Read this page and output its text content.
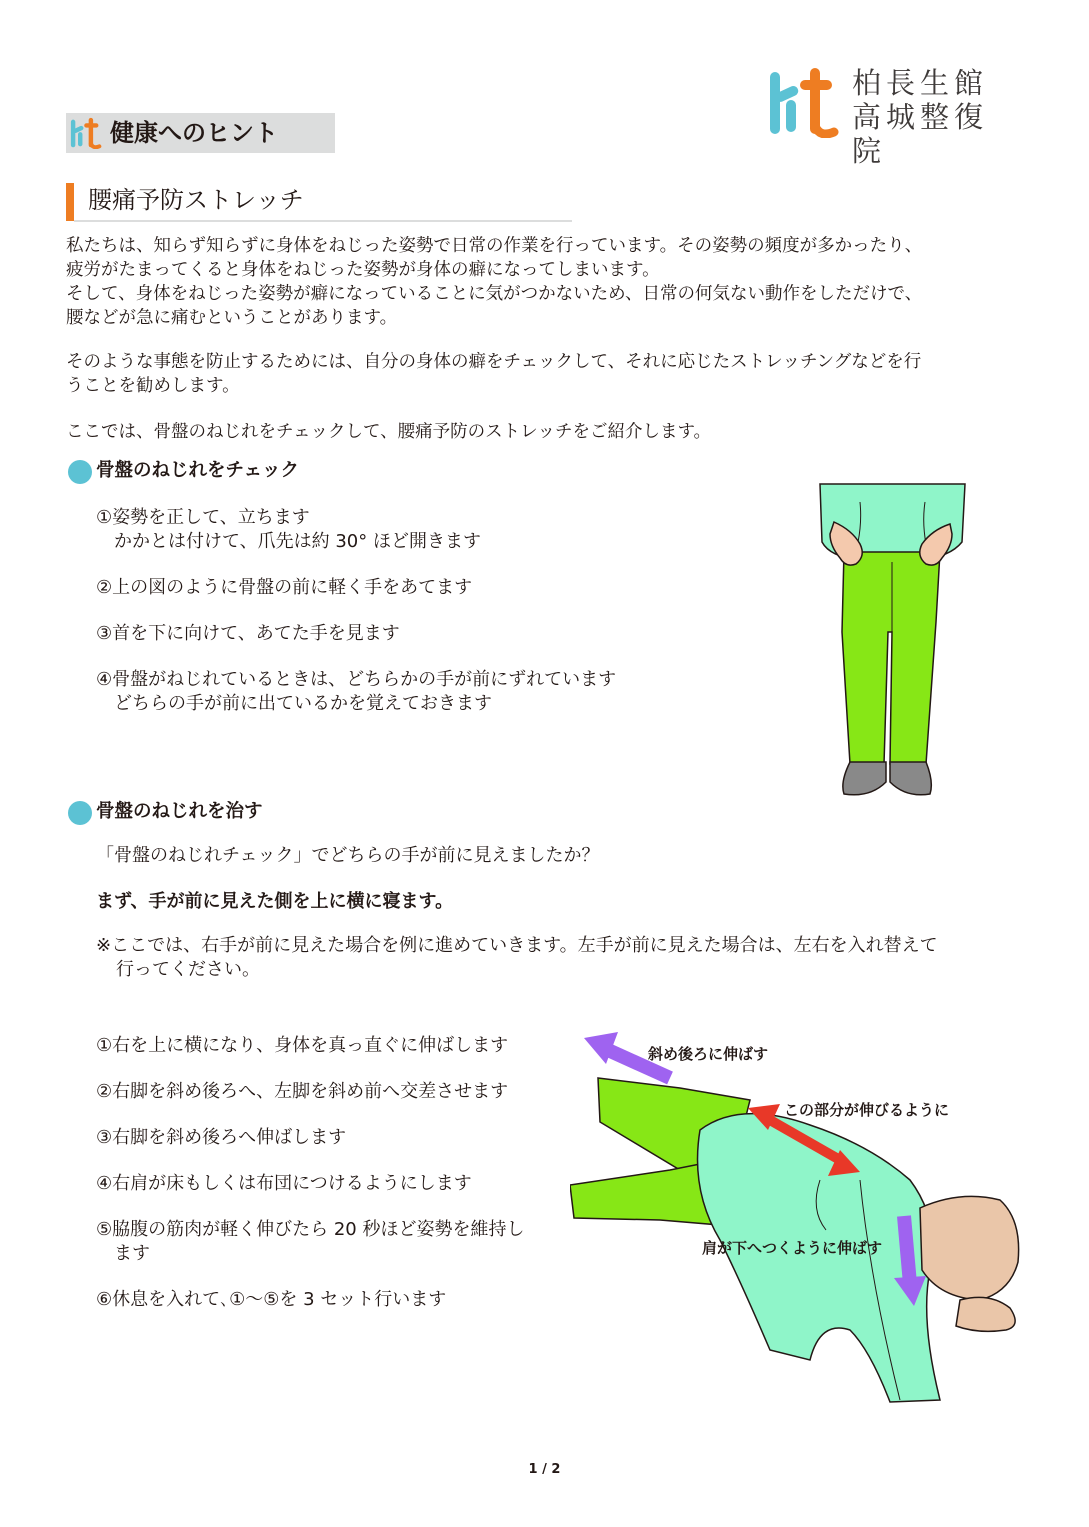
柏長生館
高城整復院
健康へのヒント
腰痛予防ストレッチ
私たちは、知らず知らずに身体をねじった姿勢で日常の作業を行っています。その姿勢の頻度が多かったり、
疲労がたまってくると身体をねじった姿勢が身体の癖になってしまいます。
そして、身体をねじった姿勢が癖になっていることに気がつかないため、日常の何気ない動作をしただけで、
腰などが急に痛むということがあります。
そのような事態を防止するためには、自分の身体の癖をチェックして、それに応じたストレッチングなどを行
うことを勧めします。
ここでは、骨盤のねじれをチェックして、腰痛予防のストレッチをご紹介します。
骨盤のねじれをチェック
①姿勢を正して、立ちます
　かかとは付けて、爪先は約 30° ほど開きます
②上の図のように骨盤の前に軽く手をあてます
③首を下に向けて、あてた手を見ます
④骨盤がねじれているときは、どちらかの手が前にずれています
　どちらの手が前に出ているかを覚えておきます
骨盤のねじれを治す
「骨盤のねじれチェック」でどちらの手が前に見えましたか？
まず、手が前に見えた側を上に横に寝ます。
※ここでは、右手が前に見えた場合を例に進めていきます。左手が前に見えた場合は、左右を入れ替えて
行ってください。
①右を上に横になり、身体を真っ直ぐに伸ばします
②右脚を斜め後ろへ、左脚を斜め前へ交差させます
③右脚を斜め後ろへ伸ばします
④右肩が床もしくは布団につけるようにします
⑤脇腹の筋肉が軽く伸びたら 20 秒ほど姿勢を維持し
　ます
⑥休息を入れて､①～⑤を 3 セット行います
斜め後ろに伸ばす
この部分が伸びるように
肩が下へつくように伸ばす
1 / 2
